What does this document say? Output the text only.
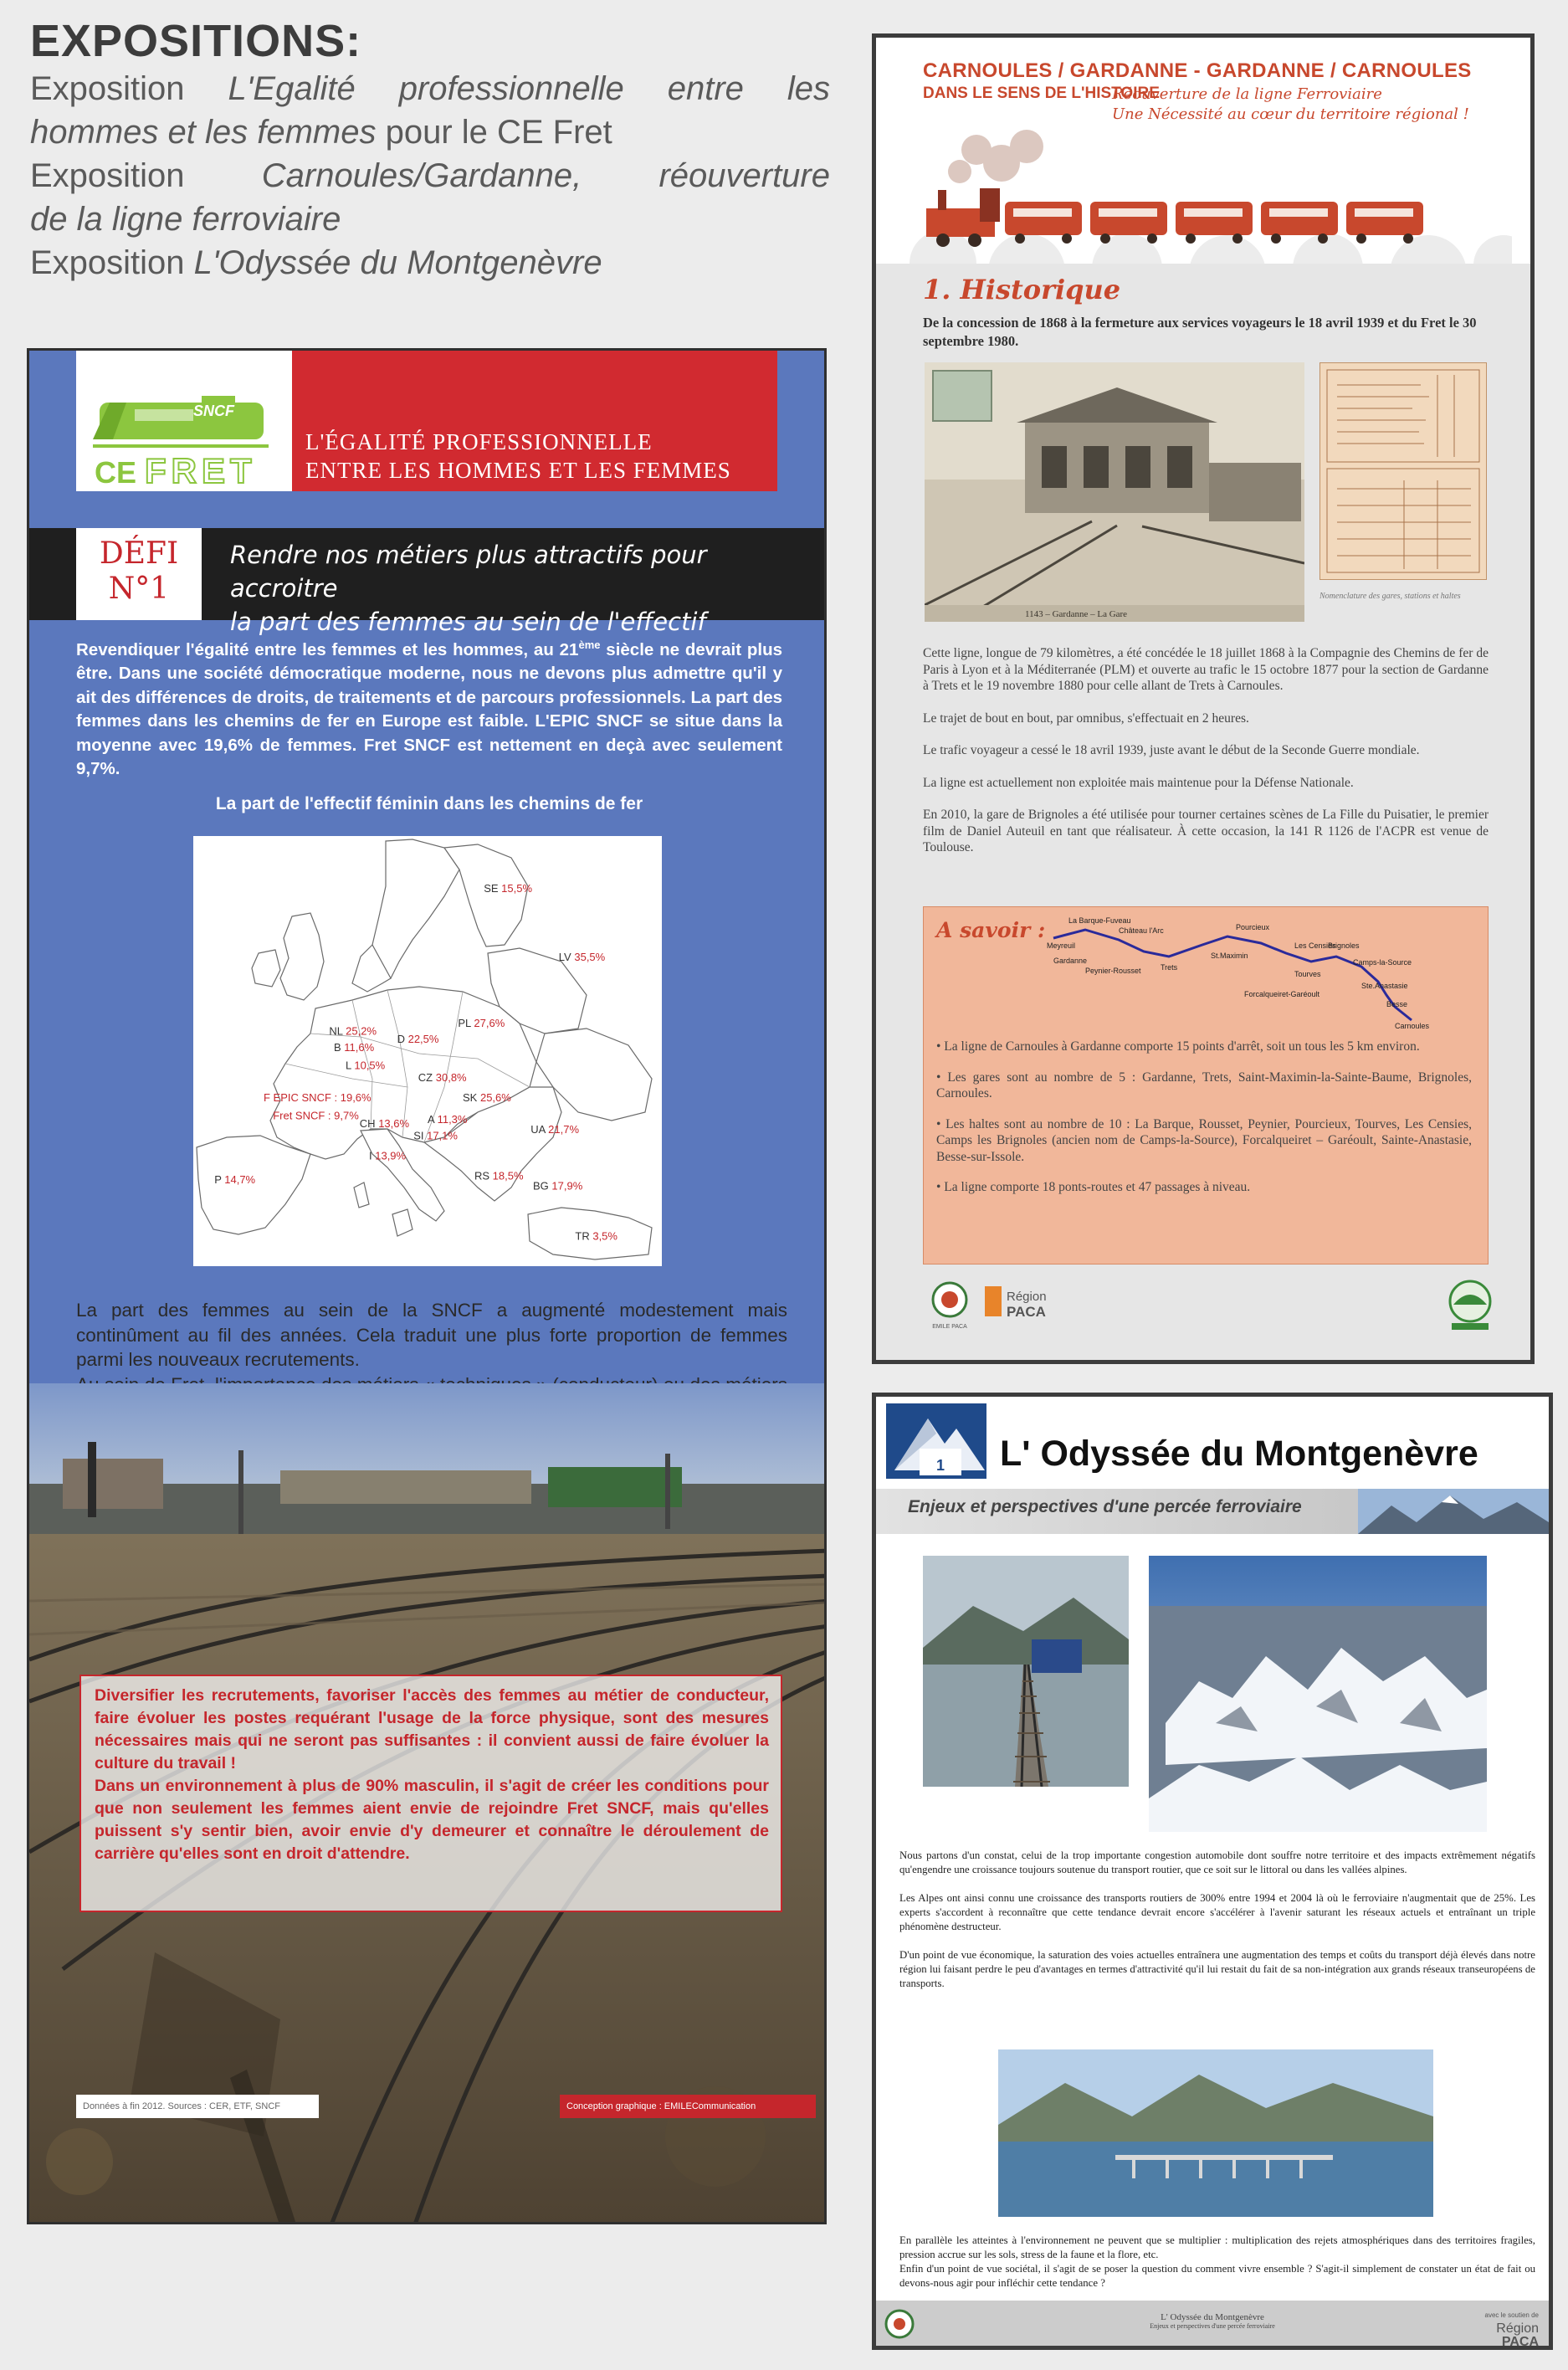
EXPOSITIONS:
Exposition L'Egalité professionnelle entre les
hommes et les femmes pour le CE Fret
Exposition Carnoules/Gardanne, réouverture
de la ligne ferroviaire
Exposition L'Odyssée du Montgenèvre
SNCF
CE FRET
L'ÉGALITÉ PROFESSIONNELLE
ENTRE LES HOMMES ET LES FEMMES
DÉFI
N°1
Rendre nos métiers plus attractifs pour accroitre
la part des femmes au sein de l'effectif
Revendiquer l'égalité entre les femmes et les hommes, au 21ème siècle ne devrait plus être. Dans une société démocratique moderne, nous ne devons plus admettre qu'il y ait des différences de droits, de traitements et de parcours professionnels. La part des femmes dans les chemins de fer en Europe est faible. L'EPIC SNCF se situe dans la moyenne avec 19,6% de femmes. Fret SNCF est nettement en deçà avec seulement 9,7%.
La part de l'effectif féminin dans les chemins de fer
SE 15,5%
LV 35,5%
NL 25,2%
PL 27,6%
B 11,6%
D 22,5%
L 10,5%
CZ 30,8%
F EPIC SNCF : 19,6%
Fret SNCF : 9,7%
SK 25,6%
A 11,3%
CH 13,6%
SI 17,1%	UA 21,7%
I 13,9%
RS 18,5%
P 14,7%	BG 17,9%
TR 3,5%
La part des femmes au sein de la SNCF a augmenté modestement mais continûment au fil des années. Cela traduit une plus forte proportion de femmes parmi les nouveaux recrutements.
Diversifier les recrutements, favoriser l'accès des femmes au métier de conducteur, faire évoluer les postes requérant l'usage de la force physique, sont des mesures nécessaires mais qui ne seront pas suffisantes : il convient aussi de faire évoluer la culture du travail !
Dans un environnement à plus de 90% masculin, il s'agit de créer les conditions pour que non seulement les femmes aient envie de rejoindre Fret SNCF, mais qu'elles puissent s'y sentir bien, avoir envie d'y demeurer et connaître le déroulement de carrière qu'elles sont en droit d'attendre.
Données à fin 2012. Sources : CER, ETF, SNCF	Conception graphique : EMILECommunication
CARNOULES / GARDANNE - GARDANNE / CARNOULES
DANS LE SENS DE L'HISTOIRE
Réouverture de la ligne Ferroviaire
Une Nécessité au cœur du territoire régional !
1. Historique
De la concession de 1868 à la fermeture aux services voyageurs le 18 avril 1939 et du Fret le 30 septembre 1980.
1143 – Gardanne – La Gare
Nomenclature des gares, stations et haltes

Cette ligne, longue de 79 kilomètres, a été concédée le 18 juillet 1868 à la Compagnie des Chemins de fer de Paris à Lyon et à la Méditerranée (PLM) et ouverte au trafic le 15 octobre 1877 pour la section de Gardanne à Trets et le 19 novembre 1880 pour celle allant de Trets à Carnoules.

Le trajet de bout en bout, par omnibus, s'effectuait en 2 heures.

Le trafic voyageur a cessé le 18 avril 1939, juste avant le début de la Seconde Guerre mondiale.

La ligne est actuellement non exploitée mais maintenue pour la Défense Nationale.

En 2010, la gare de Brignoles a été utilisée pour tourner certaines scènes de La Fille du Puisatier, le premier film de Daniel Auteuil en tant que réalisateur. À cette occasion, la 141 R 1126 de l'ACPR est venue de Toulouse.

A savoir :	La Barque-Fuveau
Meyreuil
Château l'Arc
Gardanne
Peynier-Rousset	Trets
Pourcieux
St.Maximin
Les Censiès
Tourves
Brignoles
Camps-la-Source
Forcalqueiret-Garéoult
Ste.Anastasie
Besse
Carnoules

• La ligne de Carnoules à Gardanne comporte 15 points d'arrêt, soit un tous les 5 km environ.

• Les gares sont au nombre de 5 : Gardanne, Trets, Saint-Maximin-la-Sainte-Baume, Brignoles, Carnoules.

• Les haltes sont au nombre de 10 : La Barque, Rousset, Peynier, Pourcieux, Tourves, Les Censies, Camps les Brignoles (ancien nom de Camps-la-Source), Forcalqueiret – Garéoult, Sainte-Anastasie, Besse-sur-Issole.

• La ligne comporte 18 ponts-routes et 47 passages à niveau.

EMILE PACA
Région
PACA
1 L' Odyssée du Montgenèvre
Enjeux et perspectives d'une percée ferroviaire

Nous partons d'un constat, celui de la trop importante congestion automobile dont souffre notre territoire et des impacts extrêmement négatifs qu'engendre une croissance toujours soutenue du transport routier, que ce soit sur le littoral ou dans les vallées alpines.

Les Alpes ont ainsi connu une croissance des transports routiers de 300% entre 1994 et 2004 là où le ferroviaire n'augmentait que de 25%. Les experts s'accordent à reconnaître que cette tendance devrait encore s'accélérer à l'avenir saturant les réseaux actuels et entraînant un triple phénomène destructeur.

D'un point de vue économique, la saturation des voies actuelles entraînera une augmentation des temps et coûts du transport déjà élevés dans notre région lui faisant perdre le peu d'avantages en termes d'attractivité qu'il lui restait du fait de sa non-intégration aux grands réseaux transeuropéens de transports.

En parallèle les atteintes à l'environnement ne peuvent que se multiplier : multiplication des rejets atmosphériques dans des territoires fragiles, pression accrue sur les sols, stress de la faune et la flore, etc.
Enfin d'un point de vue sociétal, il s'agit de se poser la question du comment vivre ensemble ? S'agit-il simplement de constater un état de fait ou devons-nous agir pour infléchir cette tendance ?
L' Odyssée du Montgenèvre
Enjeux et perspectives d'une percée ferroviaire
avec le soutien de
Région
PACA
